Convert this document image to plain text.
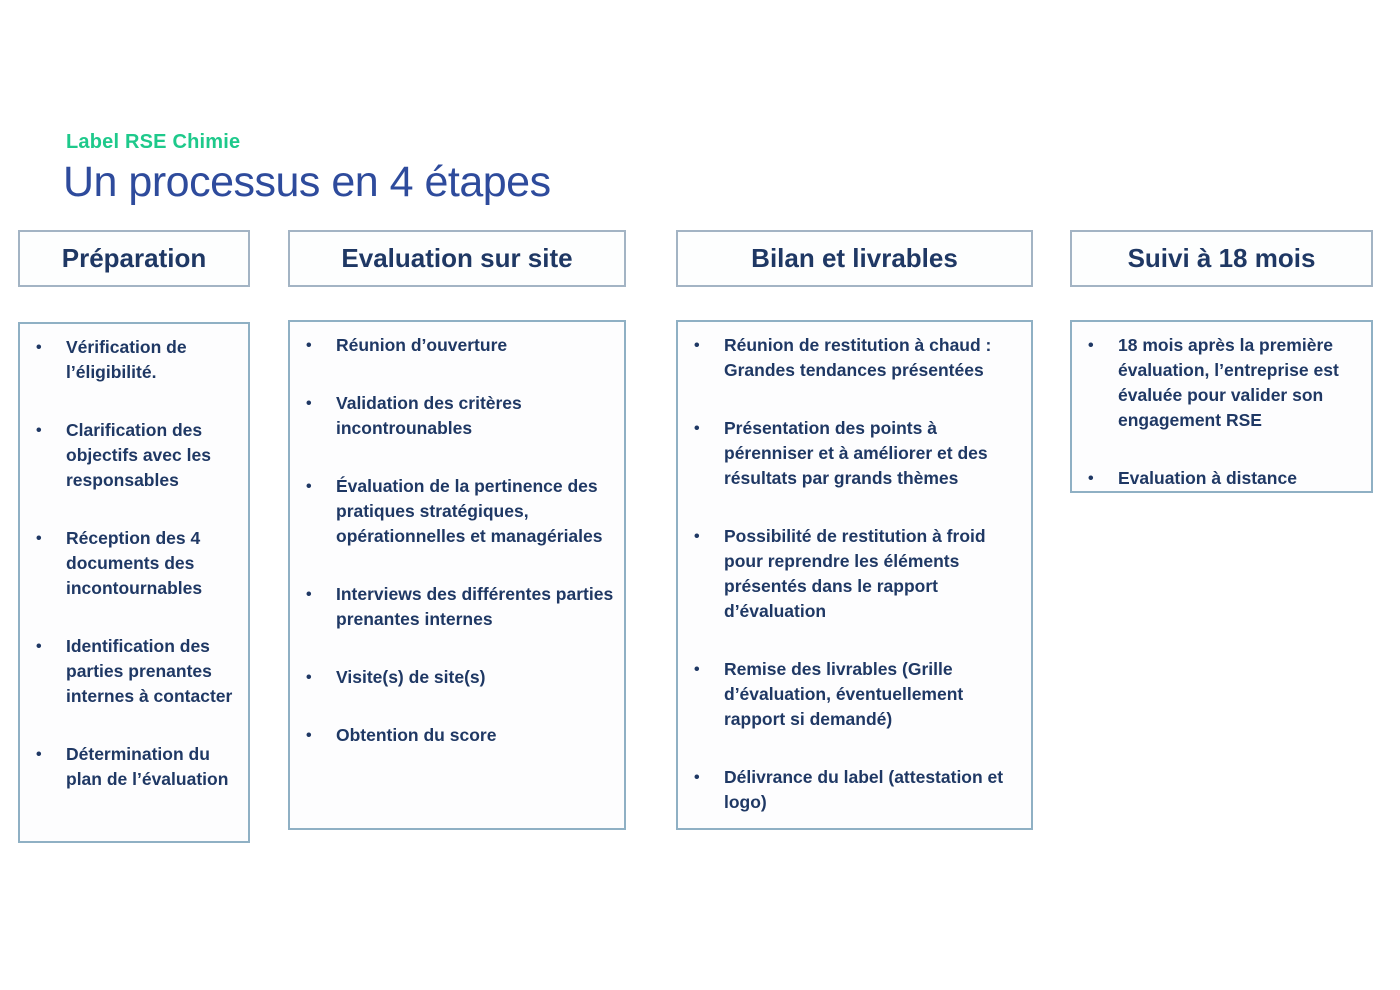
Label RSE Chimie
Un processus en 4 étapes
Préparation	Evaluation sur site	Bilan et livrables	Suivi à 18 mois
• Vérification de l’éligibilité.
• Clarification des objectifs avec les responsables
• Réception des 4 documents des incontournables
• Identification des parties prenantes internes à contacter
• Détermination du plan de l’évaluation
• Réunion d’ouverture
• Validation des critères incontrounables
• Évaluation de la pertinence des pratiques stratégiques, opérationnelles et managériales
• Interviews des différentes parties prenantes internes
• Visite(s) de site(s)
• Obtention du score
• Réunion de restitution à chaud : Grandes tendances présentées
• Présentation des points à pérenniser et à améliorer et des résultats par grands thèmes
• Possibilité de restitution à froid pour reprendre les éléments présentés dans le rapport d’évaluation
• Remise des livrables (Grille d’évaluation, éventuellement rapport si demandé)
• Délivrance du label (attestation et logo)
• 18 mois après la première évaluation, l’entreprise est évaluée pour valider son engagement RSE
• Evaluation à distance
